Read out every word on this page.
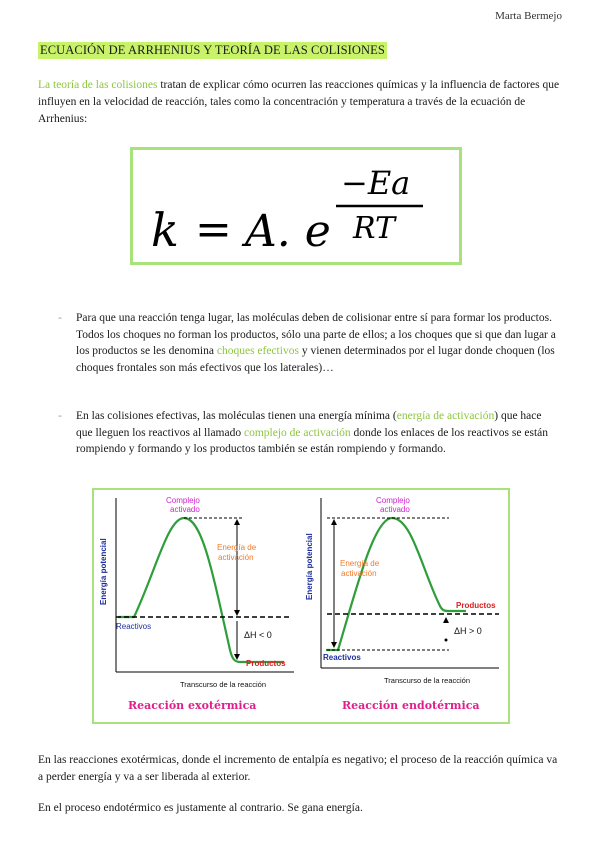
Marta Bermejo
ECUACIÓN DE ARRHENIUS Y TEORÍA DE LAS COLISIONES
La teoría de las colisiones tratan de explicar cómo ocurren las reacciones químicas y la influencia de factores que influyen en la velocidad de reacción, tales como la concentración y temperatura a través de la ecuación de Arrhenius:
k = A. e
−Ea
RT
- Para que una reacción tenga lugar, las moléculas deben de colisionar entre sí para formar los productos. Todos los choques no forman los productos, sólo una parte de ellos; a los choques que si que dan lugar a los productos se les denomina choques efectivos y vienen determinados por el lugar donde choquen (los choques frontales son más efectivos que los laterales)…
- En las colisiones efectivas, las moléculas tienen una energía mínima (energía de activación) que hace que lleguen los reactivos al llamado complejo de activación donde los enlaces de los reactivos se están rompiendo y formando y los productos también se están rompiendo y formando.
Energía potencial
Transcurso de la reacción
Complejo
activado
Energía de
activación
Reactivos
ΔH < 0
Productos
Reacción exotérmica
Energía potencial
Transcurso de la reacción
Complejo
activado
Energía de
activación
Productos
ΔH > 0
Reactivos
Reacción endotérmica
En las reacciones exotérmicas, donde el incremento de entalpía es negativo; el proceso de la reacción química va a perder energía y va a ser liberada al exterior.
En el proceso endotérmico es justamente al contrario. Se gana energía.
